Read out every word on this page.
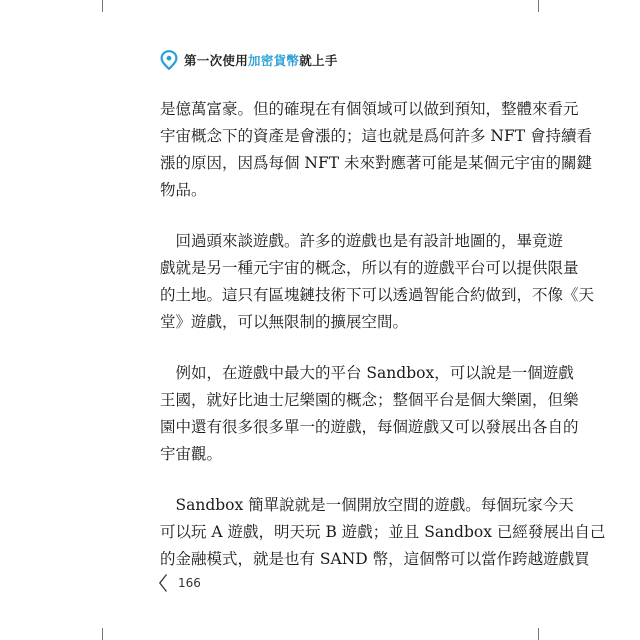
第一次使用加密貨幣就上手
是億萬富豪。但的確現在有個領域可以做到預知，整體來看元
宇宙概念下的資產是會漲的；這也就是爲何許多 NFT 會持續看
漲的原因，因爲每個 NFT 未來對應著可能是某個元宇宙的關鍵
物品。
　回過頭來談遊戲。許多的遊戲也是有設計地圖的，畢竟遊
戲就是另一種元宇宙的概念，所以有的遊戲平台可以提供限量
的土地。這只有區塊鏈技術下可以透過智能合約做到，不像《天
堂》遊戲，可以無限制的擴展空間。
　例如，在遊戲中最大的平台 Sandbox，可以說是一個遊戲
王國，就好比迪士尼樂園的概念；整個平台是個大樂園，但樂
園中還有很多很多單一的遊戲，每個遊戲又可以發展出各自的
宇宙觀。
　Sandbox 簡單說就是一個開放空間的遊戲。每個玩家今天
可以玩 A 遊戲，明天玩 B 遊戲；並且 Sandbox 已經發展出自己
的金融模式，就是也有 SAND 幣，這個幣可以當作跨越遊戲買
166
